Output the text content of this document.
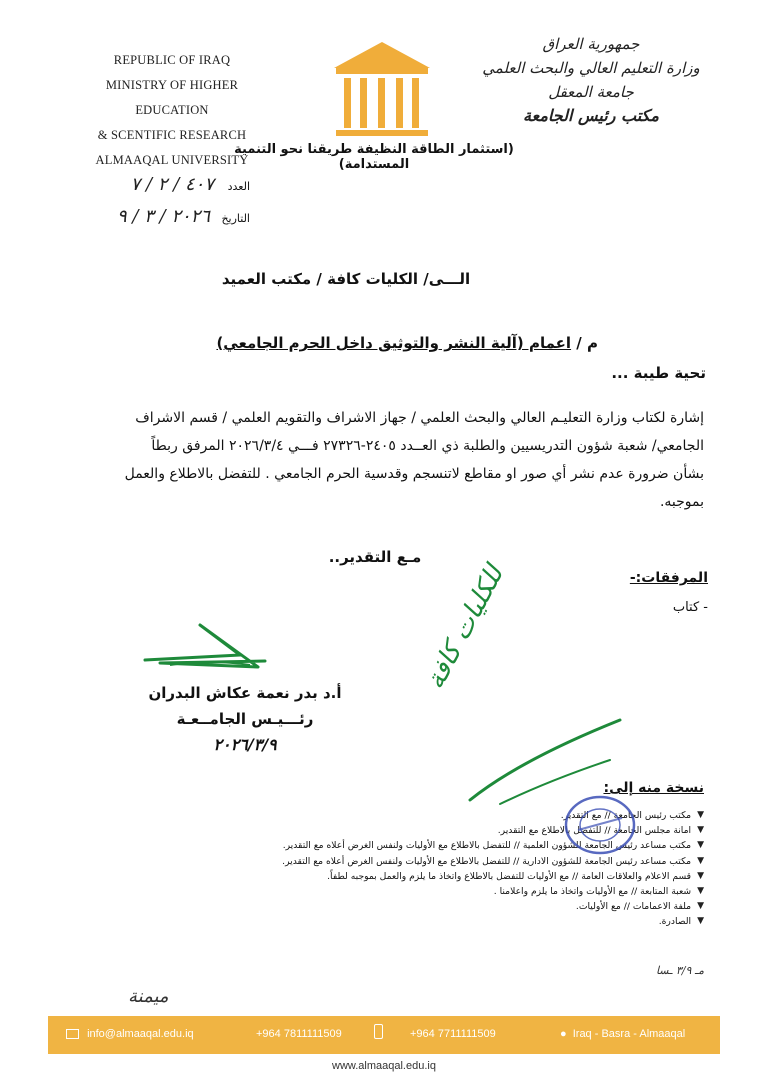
REPUBLIC OF IRAQ
MINISTRY OF HIGHER EDUCATION
& SCENTIFIC RESEARCH
ALMAAQAL UNIVERSITY
جمهورية العراق
وزارة التعليم العالي والبحث العلمي
جامعة المعقل
مكتب رئيس الجامعة
(استثمار الطاقة النظيفة طريقنا نحو التنمية المستدامة)
العدد
٤٠٧ / ٢ / ٧
التاريخ
٢٠٢٦ / ٣ / ٩
الـــى/ الكليات كافة / مكتب العميد
م / اعمام (آلية النشر والتوثيق داخل الحرم الجامعي)
تحية طيبة ...
إشارة لكتاب وزارة التعليـم العالي والبحث العلمي / جهاز الاشراف والتقويم العلمي / قسم الاشراف
الجامعي/ شعبة شؤون التدريسيين والطلبة ذي العــدد ٢٤٠٥-٢٧٣٢٦ فـــي ٢٠٢٦/٣/٤ المرفق ربطاً
بشأن ضرورة عدم نشر أي صور او مقاطع لاتنسجم وقدسية الحرم الجامعي . للتفضل بالاطلاع والعمل
بموجبه.
مـع التقدير..
المرفقات:-
- كتاب
أ.د بدر نعمة عكاش البدران
رئـــيـس الجامــعـة
٢٠٢٦/٣/٩
للكليات كافة
نسخة منه إلى:
▼
مكتب رئيس الجامعة // مع التقدير.
▼
امانة مجلس الجامعة // للتفضل بالاطلاع مع التقدير.
▼
مكتب مساعد رئيس الجامعة للشؤون العلمية // للتفضل بالاطلاع مع الأوليات ولنفس الغرض أعلاه مع التقدير.
▼
مكتب مساعد رئيس الجامعة للشؤون الادارية // للتفضل بالاطلاع مع الأوليات ولنفس الغرض أعلاه مع التقدير.
▼
قسم الاعلام والعلاقات العامة // مع الأوليات للتفضل بالاطلاع واتخاذ ما يلزم والعمل بموجبه لطفاً.
▼
شعبة المتابعة // مع الأوليات واتخاذ ما يلزم واعلامنا .
▼
ملفة الاعمامات // مع الأوليات.
▼
الصادرة.
مـ ٣/٩ ـسا
ميمنة
info@almaaqal.edu.iq	+964 7811111509	+964 7711111509	● Iraq - Basra - Almaaqal
www.almaaqal.edu.iq
